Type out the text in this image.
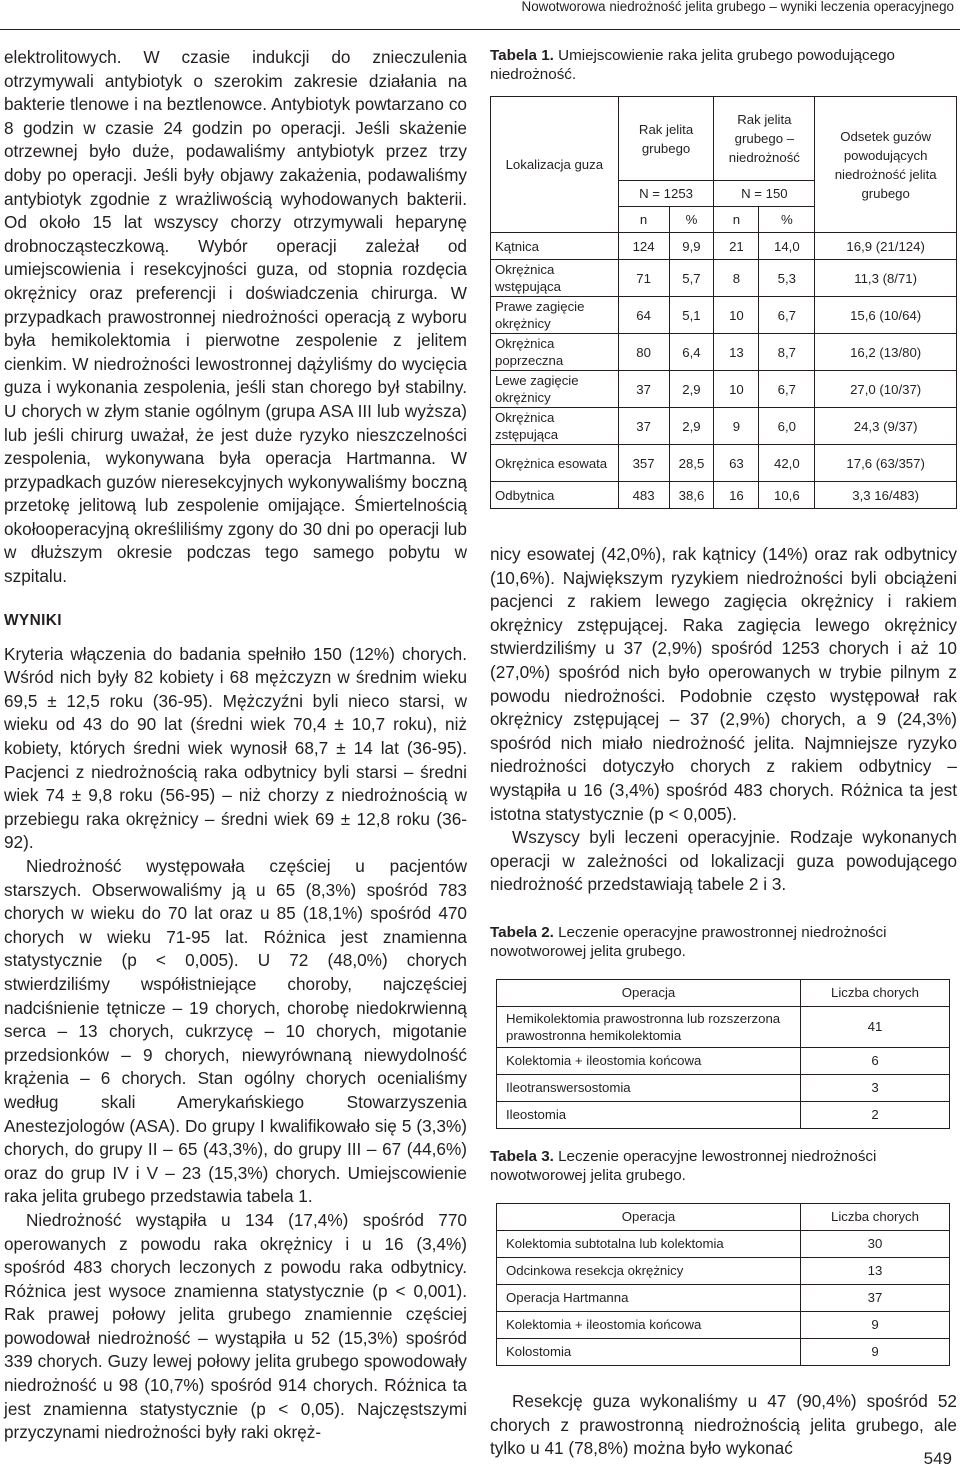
Nowotworowa niedrożność jelita grubego – wyniki leczenia operacyjnego

elektrolitowych. W czasie indukcji do znieczulenia otrzymywali antybiotyk o szerokim zakresie działania na bakterie tlenowe i na beztlenowce. Antybiotyk powtarzano co 8 godzin w czasie 24 godzin po operacji. Jeśli skażenie otrzewnej było duże, podawaliśmy antybiotyk przez trzy doby po operacji. Jeśli były objawy zakażenia, podawaliśmy antybiotyk zgodnie z wrażliwością wyhodowanych bakterii. Od około 15 lat wszyscy chorzy otrzymywali heparynę drobnocząsteczkową. Wybór operacji zależał od umiejscowienia i resekcyjności guza, od stopnia rozdęcia okrężnicy oraz preferencji i doświadczenia chirurga. W przypadkach prawostronnej niedrożności operacją z wyboru była hemikolektomia i pierwotne zespolenie z jelitem cienkim. W niedrożności lewostronnej dążyliśmy do wycięcia guza i wykonania zespolenia, jeśli stan chorego był stabilny. U chorych w złym stanie ogólnym (grupa ASA III lub wyższa) lub jeśli chirurg uważał, że jest duże ryzyko nieszczelności zespolenia, wykonywana była operacja Hartmanna. W przypadkach guzów nieresekcyjnych wykonywaliśmy boczną przetokę jelitową lub zespolenie omijające. Śmiertelnością okołooperacyjną określiliśmy zgony do 30 dni po operacji lub w dłuższym okresie podczas tego samego pobytu w szpitalu.

WYNIKI

Kryteria włączenia do badania spełniło 150 (12%) chorych. Wśród nich były 82 kobiety i 68 mężczyzn w średnim wieku 69,5 ± 12,5 roku (36-95). Mężczyźni byli nieco starsi, w wieku od 43 do 90 lat (średni wiek 70,4 ± 10,7 roku), niż kobiety, których średni wiek wynosił 68,7 ± 14 lat (36-95). Pacjenci z niedrożnością raka odbytnicy byli starsi – średni wiek 74 ± 9,8 roku (56-95) – niż chorzy z niedrożnością w przebiegu raka okrężnicy – średni wiek 69 ± 12,8 roku (36-92).

Niedrożność występowała częściej u pacjentów starszych. Obserwowaliśmy ją u 65 (8,3%) spośród 783 chorych w wieku do 70 lat oraz u 85 (18,1%) spośród 470 chorych w wieku 71-95 lat. Różnica jest znamienna statystycznie (p < 0,005). U 72 (48,0%) chorych stwierdziliśmy współistniejące choroby, najczęściej nadciśnienie tętnicze – 19 chorych, chorobę niedokrwienną serca – 13 chorych, cukrzycę – 10 chorych, migotanie przedsionków – 9 chorych, niewyrównaną niewydolność krążenia – 6 chorych. Stan ogólny chorych ocenialiśmy według skali Amerykańskiego Stowarzyszenia Anestezjologów (ASA). Do grupy I kwalifikowało się 5 (3,3%) chorych, do grupy II – 65 (43,3%), do grupy III – 67 (44,6%) oraz do grup IV i V – 23 (15,3%) chorych. Umiejscowienie raka jelita grubego przedstawia tabela 1.

Niedrożność wystąpiła u 134 (17,4%) spośród 770 operowanych z powodu raka okrężnicy i u 16 (3,4%) spośród 483 chorych leczonych z powodu raka odbytnicy. Różnica jest wysoce znamienna statystycznie (p < 0,001). Rak prawej połowy jelita grubego znamiennie częściej powodował niedrożność – wystąpiła u 52 (15,3%) spośród 339 chorych. Guzy lewej połowy jelita grubego spowodowały niedrożność u 98 (10,7%) spośród 914 chorych. Różnica ta jest znamienna statystycznie (p < 0,05). Najczęstszymi przyczynami niedrożności były raki okręż-

Tabela 1. Umiejscowienie raka jelita grubego powodującego niedrożność.

Lokalizacja guza	Rak jelita grubego		Rak jelita grubego – niedrożność		Odsetek guzów powodujących niedrożność jelita grubego
	N = 1253		N = 150		
	n	%	n	%	
Kątnica	124	9,9	21	14,0	16,9 (21/124)
Okrężnica wstępująca	71	5,7	8	5,3	11,3 (8/71)
Prawe zagięcie okrężnicy	64	5,1	10	6,7	15,6 (10/64)
Okrężnica poprzeczna	80	6,4	13	8,7	16,2 (13/80)
Lewe zagięcie okrężnicy	37	2,9	10	6,7	27,0 (10/37)
Okrężnica zstępująca	37	2,9	9	6,0	24,3 (9/37)
Okrężnica esowata	357	28,5	63	42,0	17,6 (63/357)
Odbytnica	483	38,6	16	10,6	3,3 16/483)

nicy esowatej (42,0%), rak kątnicy (14%) oraz rak odbytnicy (10,6%). Największym ryzykiem niedrożności byli obciążeni pacjenci z rakiem lewego zagięcia okrężnicy i rakiem okrężnicy zstępującej. Raka zagięcia lewego okrężnicy stwierdziliśmy u 37 (2,9%) spośród 1253 chorych i aż 10 (27,0%) spośród nich było operowanych w trybie pilnym z powodu niedrożności. Podobnie często występował rak okrężnicy zstępującej – 37 (2,9%) chorych, a 9 (24,3%) spośród nich miało niedrożność jelita. Najmniejsze ryzyko niedrożności dotyczyło chorych z rakiem odbytnicy – wystąpiła u 16 (3,4%) spośród 483 chorych. Różnica ta jest istotna statystycznie (p < 0,005).

Wszyscy byli leczeni operacyjnie. Rodzaje wykonanych operacji w zależności od lokalizacji guza powodującego niedrożność przedstawiają tabele 2 i 3.

Tabela 2. Leczenie operacyjne prawostronnej niedrożności nowotworowej jelita grubego.

Operacja	Liczba chorych
Hemikolektomia prawostronna lub rozszerzona prawostronna hemikolektomia	41
Kolektomia + ileostomia końcowa	6
Ileotranswersostomia	3
Ileostomia	2

Tabela 3. Leczenie operacyjne lewostronnej niedrożności nowotworowej jelita grubego.

Operacja	Liczba chorych
Kolektomia subtotalna lub kolektomia	30
Odcinkowa resekcja okrężnicy	13
Operacja Hartmanna	37
Kolektomia + ileostomia końcowa	9
Kolostomia	9

Resekcję guza wykonaliśmy u 47 (90,4%) spośród 52 chorych z prawostronną niedrożnością jelita grubego, ale tylko u 41 (78,8%) można było wykonać

549
